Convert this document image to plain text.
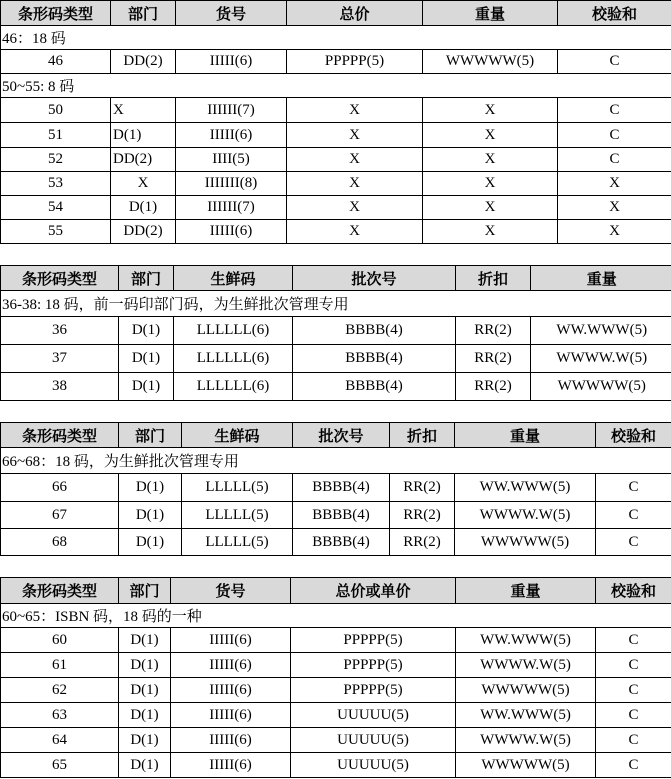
条形码类型	部门	货号	总价	重量	校验和
46：18 码					
46	DD(2)	IIIII(6)	PPPPP(5)	WWWWW(5)	C
50~55: 8 码					
50	X	IIIIII(7)	X	X	C
51	D(1)	IIIII(6)	X	X	C
52	DD(2)	IIII(5)	X	X	C
53	X	IIIIIII(8)	X	X	X
54	D(1)	IIIIII(7)	X	X	X
55	DD(2)	IIIII(6)	X	X	X
条形码类型	部门	生鲜码	批次号	折扣	重量
36-38: 18 码，前一码印部门码，为生鲜批次管理专用					
36	D(1)	LLLLLL(6)	BBBB(4)	RR(2)	WW.WWW(5)
37	D(1)	LLLLLL(6)	BBBB(4)	RR(2)	WWWW.W(5)
38	D(1)	LLLLLL(6)	BBBB(4)	RR(2)	WWWWW(5)
条形码类型	部门	生鲜码	批次号	折扣	重量	校验和
66~68：18 码，为生鲜批次管理专用						
66	D(1)	LLLLL(5)	BBBB(4)	RR(2)	WW.WWW(5)	C
67	D(1)	LLLLL(5)	BBBB(4)	RR(2)	WWWW.W(5)	C
68	D(1)	LLLLL(5)	BBBB(4)	RR(2)	WWWWW(5)	C
条形码类型	部门	货号	总价或单价	重量	校验和
60~65：ISBN 码，18 码的一种					
60	D(1)	IIIII(6)	PPPPP(5)	WW.WWW(5)	C
61	D(1)	IIIII(6)	PPPPP(5)	WWWW.W(5)	C
62	D(1)	IIIII(6)	PPPPP(5)	WWWWW(5)	C
63	D(1)	IIIII(6)	UUUUU(5)	WW.WWW(5)	C
64	D(1)	IIIII(6)	UUUUU(5)	WWWW.W(5)	C
65	D(1)	IIIII(6)	UUUUU(5)	WWWWW(5)	C
